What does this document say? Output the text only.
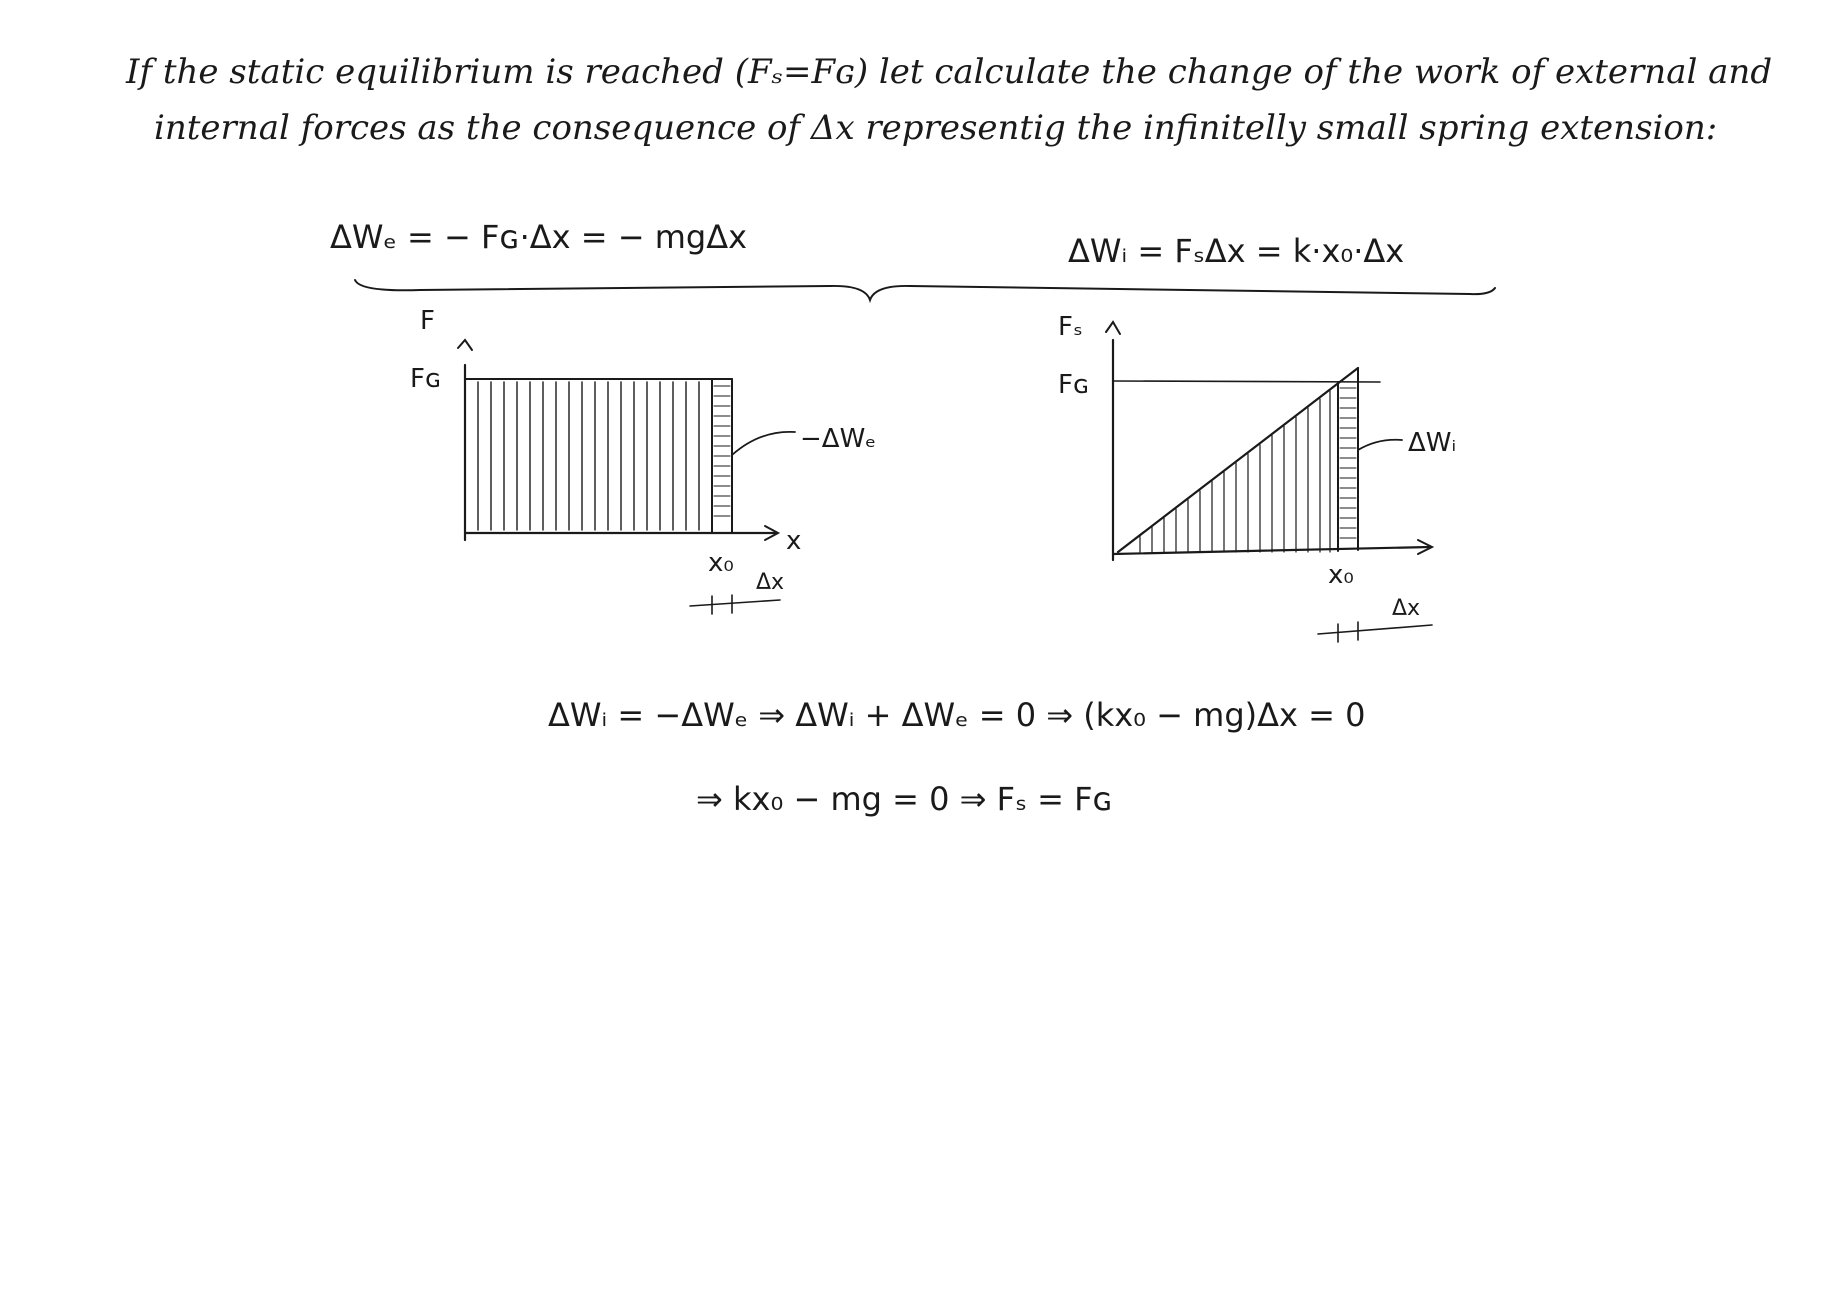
If the static equilibrium is reached (Fₛ=Fɢ) let calculate the change of the work of external and
internal forces as the consequence of Δx representig the infinitelly small spring extension:
ΔWₑ = − Fɢ·Δx = − mgΔx	ΔWᵢ = FₛΔx = k·x₀·Δx
F
Fɢ
x
x₀
Δx
−ΔWₑ
Fₛ
Fɢ
x₀
Δx
ΔWᵢ
ΔWᵢ = −ΔWₑ ⇒ ΔWᵢ + ΔWₑ = 0 ⇒ (kx₀ − mg)Δx = 0
⇒ kx₀ − mg = 0 ⇒ Fₛ = Fɢ
